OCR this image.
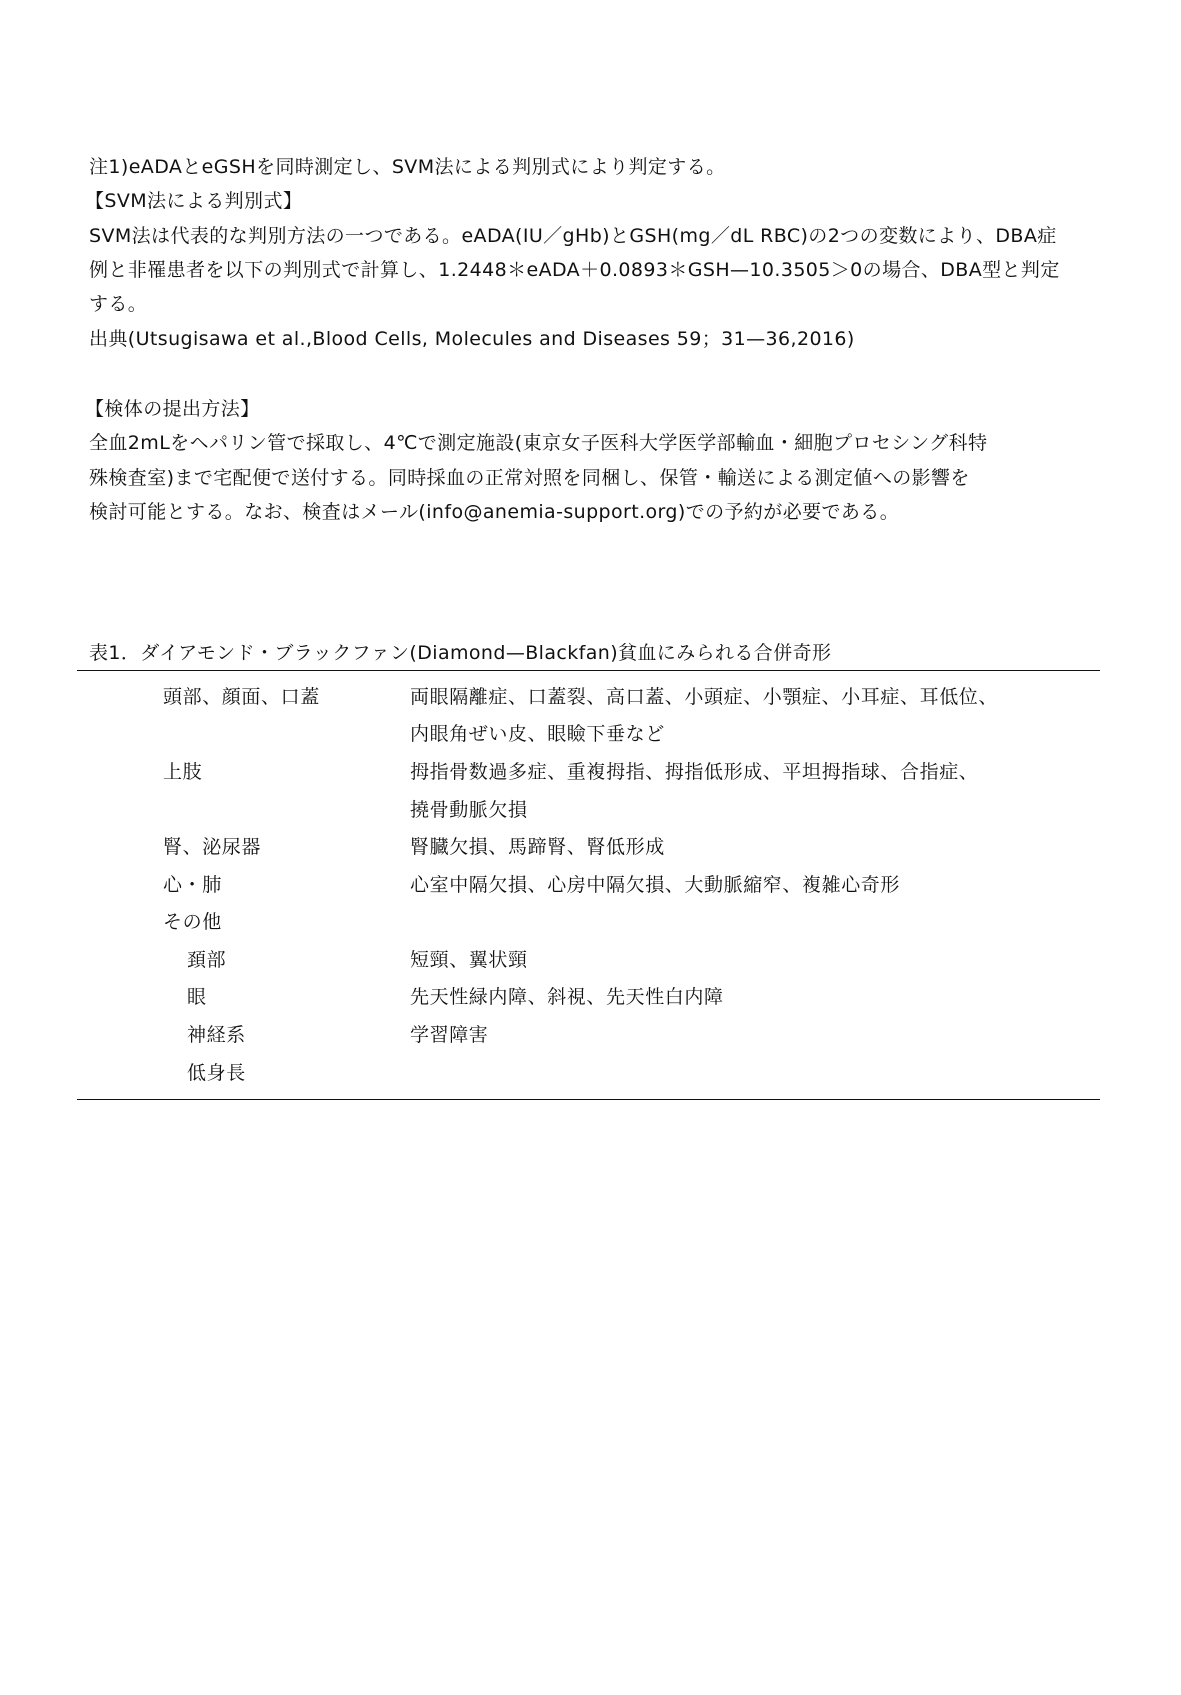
注1)eADAとeGSHを同時測定し、SVM法による判別式により判定する。
【SVM法による判別式】
SVM法は代表的な判別方法の一つである。eADA(IU／gHb)とGSH(mg／dL RBC)の2つの変数により、DBA症
例と非罹患者を以下の判別式で計算し、1.2448＊eADA＋0.0893＊GSH—10.3505＞0の場合、DBA型と判定
する。
出典(Utsugisawa et al.,Blood Cells, Molecules and Diseases 59；31—36,2016)
【検体の提出方法】
全血2mLをヘパリン管で採取し、4℃で測定施設(東京女子医科大学医学部輸血・細胞プロセシング科特
殊検査室)まで宅配便で送付する。同時採血の正常対照を同梱し、保管・輸送による測定値への影響を
検討可能とする。なお、検査はメール(info@anemia-support.org)での予約が必要である。
表1．ダイアモンド・ブラックファン(Diamond—Blackfan)貧血にみられる合併奇形
頭部、顔面、口蓋	両眼隔離症、口蓋裂、高口蓋、小頭症、小顎症、小耳症、耳低位、
内眼角ぜい皮、眼瞼下垂など
上肢	拇指骨数過多症、重複拇指、拇指低形成、平坦拇指球、合指症、
撓骨動脈欠損
腎、泌尿器	腎臓欠損、馬蹄腎、腎低形成
心・肺	心室中隔欠損、心房中隔欠損、大動脈縮窄、複雑心奇形
その他
頚部	短頸、翼状頸
眼	先天性緑内障、斜視、先天性白内障
神経系	学習障害
低身長
